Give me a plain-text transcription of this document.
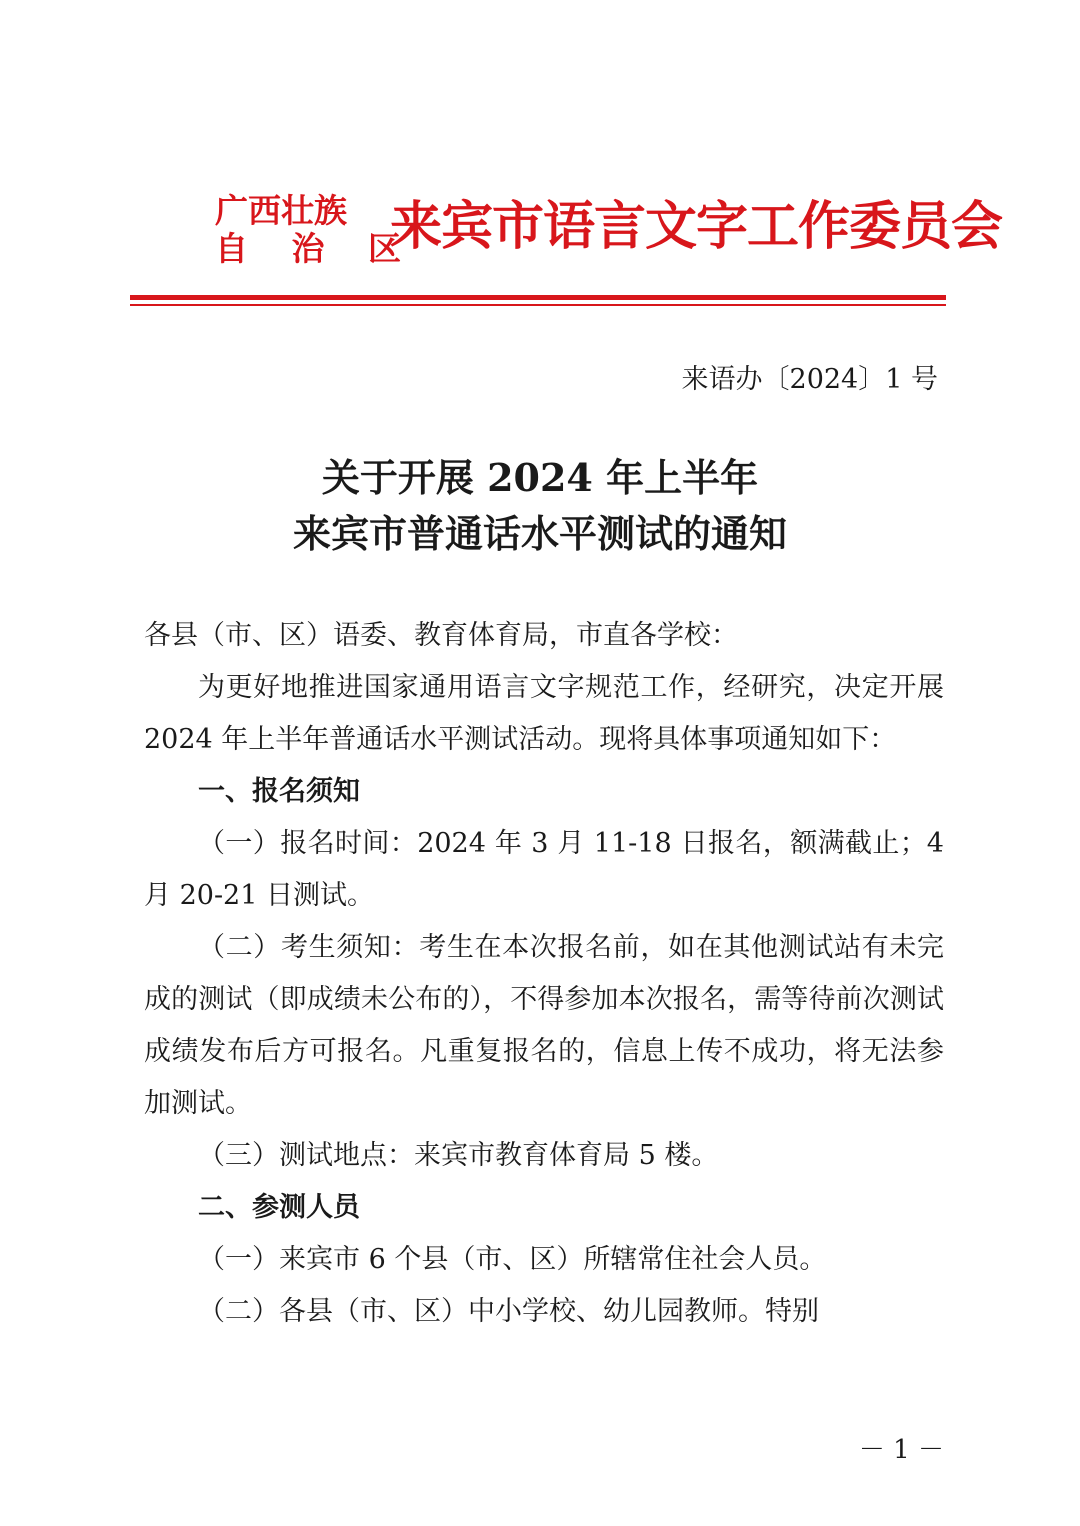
广西壮族
自 治 区
来宾市语言文字工作委员会
来语办〔2024〕1 号
关于开展 2024 年上半年
来宾市普通话水平测试的通知

各县（市、区）语委、教育体育局，市直各学校：

为更好地推进国家通用语言文字规范工作，经研究，决定开展 2024 年上半年普通话水平测试活动。现将具体事项通知如下：

一、报名须知

（一）报名时间：2024 年 3 月 11-18 日报名，额满截止；4 月 20-21 日测试。

（二）考生须知：考生在本次报名前，如在其他测试站有未完成的测试（即成绩未公布的），不得参加本次报名，需等待前次测试成绩发布后方可报名。凡重复报名的，信息上传不成功，将无法参加测试。

（三）测试地点：来宾市教育体育局 5 楼。

二、参测人员

（一）来宾市 6 个县（市、区）所辖常住社会人员。

（二）各县（市、区）中小学校、幼儿园教师。特别

－ 1 －
